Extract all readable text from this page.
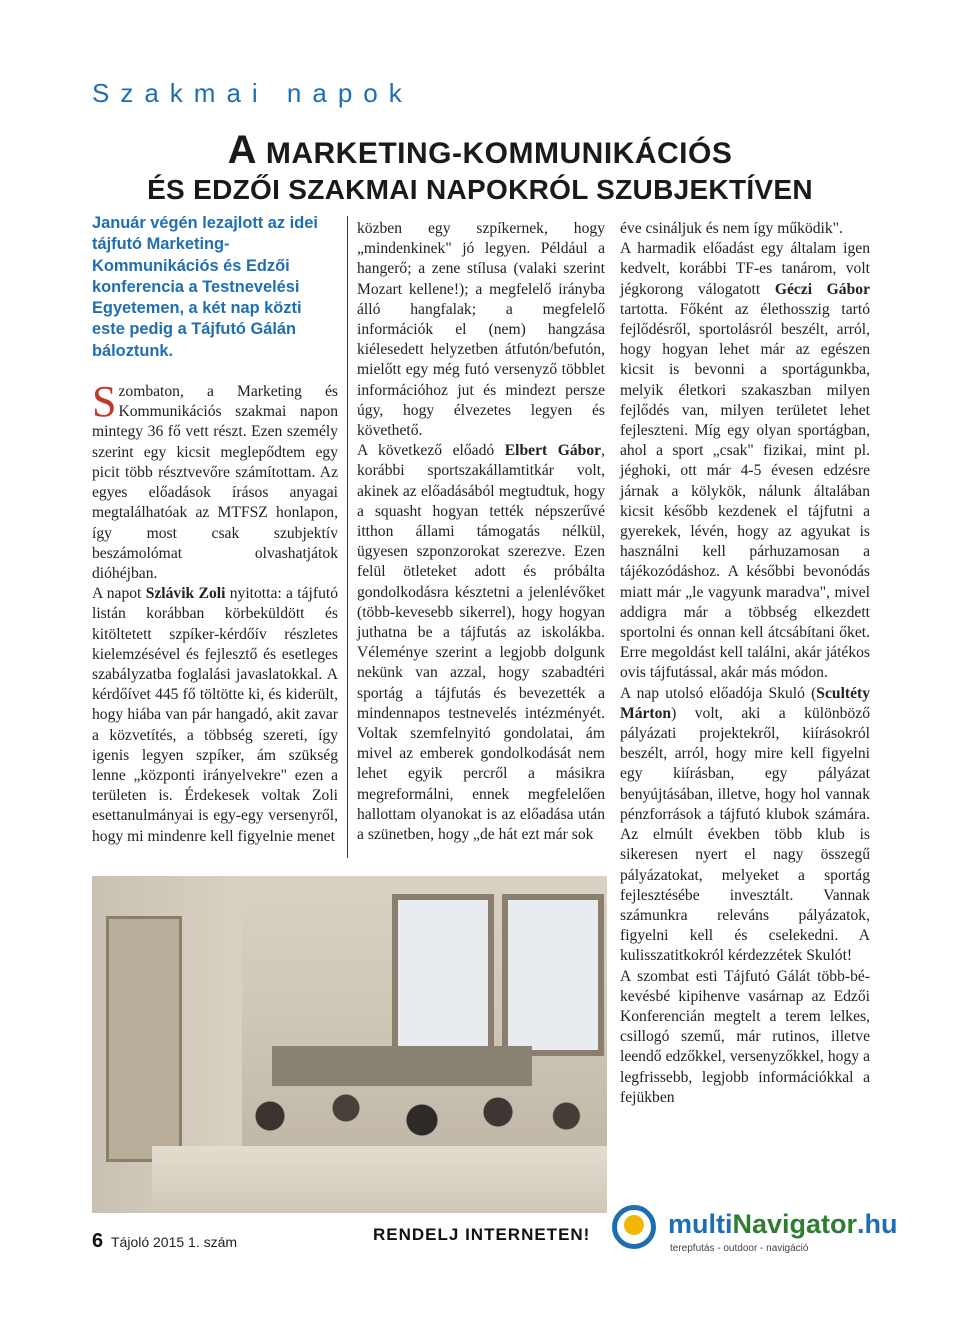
Szakmai napok
A MARKETING-KOMMUNIKÁCIÓS
ÉS EDZŐI SZAKMAI NAPOKRÓL SZUBJEKTÍVEN

Január végén lezajlott az idei tájfutó Marketing-Kommunikációs és Edzői konferencia a Testnevelési Egyetemen, a két nap közti este pedig a Tájfutó Gálán báloztunk.

Szombaton, a Marketing és Kommunikációs szakmai napon mintegy 36 fő vett részt. Ezen személy szerint egy kicsit meglepődtem egy picit több résztvevőre számítottam. Az egyes előadások írásos anyagai megtalálhatóak az MTFSZ honlapon, így most csak szubjektív beszámolómat olvashatjátok dióhéjban.

A napot Szlávik Zoli nyitotta: a tájfutó listán korábban körbeküldött és kitöltetett szpíker-kérdőív részletes kielemzésével és fejlesztő és esetleges szabályzatba foglalási javaslatokkal. A kérdőívet 445 fő töltötte ki, és kiderült, hogy hiába van pár hangadó, akit zavar a közvetítés, a többség szereti, így igenis legyen szpíker, ám szükség lenne „központi irányelvekre" ezen a területen is. Érdekesek voltak Zoli esettanulmányai is egy-egy versenyről, hogy mi mindenre kell figyelnie menet

közben egy szpíkernek, hogy „mindenkinek" jó legyen. Például a hangerő; a zene stílusa (valaki szerint Mozart kellene!); a megfelelő irányba álló hangfalak; a megfelelő információk el (nem) hangzása kiélesedett helyzetben átfutón/befutón, mielőtt egy még futó versenyző többlet információhoz jut és mindezt persze úgy, hogy élvezetes legyen és követhető.

A következő előadó Elbert Gábor, korábbi sportszakállamtitkár volt, akinek az előadásából megtudtuk, hogy a squasht hogyan tették népszerűvé itthon állami támogatás nélkül, ügyesen szponzorokat szerezve. Ezen felül ötleteket adott és próbálta gondolkodásra késztetni a jelenlévőket (több-kevesebb sikerrel), hogy hogyan juthatna be a tájfutás az iskolákba. Véleménye szerint a legjobb dolgunk nekünk van azzal, hogy szabadtéri sportág a tájfutás és bevezették a mindennapos testnevelés intézményét. Voltak szemfelnyitó gondolatai, ám mivel az emberek gondolkodását nem lehet egyik percről a másikra megreformálni, ennek megfelelően hallottam olyanokat is az előadása után a szünetben, hogy „de hát ezt már sok

éve csináljuk és nem így működik".

A harmadik előadást egy általam igen kedvelt, korábbi TF-es tanárom, volt jégkorong válogatott Géczi Gábor tartotta. Főként az élethosszig tartó fejlődésről, sportolásról beszélt, arról, hogy hogyan lehet már az egészen kicsit is bevonni a sportágunkba, melyik életkori szakaszban milyen fejlődés van, milyen területet lehet fejleszteni. Míg egy olyan sportágban, ahol a sport „csak" fizikai, mint pl. jéghoki, ott már 4-5 évesen edzésre járnak a kölykök, nálunk általában kicsit később kezdenek el tájfutni a gyerekek, lévén, hogy az agyukat is használni kell párhuzamosan a tájékozódáshoz. A későbbi bevonódás miatt már „le vagyunk maradva", mivel addigra már a többség elkezdett sportolni és onnan kell átcsábítani őket. Erre megoldást kell találni, akár játékos ovis tájfutással, akár más módon.

A nap utolsó előadója Skuló (Scultéty Márton) volt, aki a különböző pályázati projektekről, kiírásokról beszélt, arról, hogy mire kell figyelni egy kiírásban, egy pályázat benyújtásában, illetve, hogy hol vannak pénzforrások a tájfutó klubok számára. Az elmúlt években több klub is sikeresen nyert el nagy összegű pályázatokat, melyeket a sportág fejlesztésébe invesztált. Vannak számunkra releváns pályázatok, figyelni kell és cselekedni. A kulisszatitkokról kérdezzétek Skulót!

A szombat esti Tájfutó Gálát több-bé-kevésbé kipihenve vasárnap az Edzői Konferencián megtelt a terem lelkes, csillogó szemű, már rutinos, illetve leendő edzőkkel, versenyzőkkel, hogy a legfrissebb, legjobb információkkal a fejükben

6 Tájoló 2015 1. szám	RENDELJ INTERNETEN!	multiNavigator.hu
terepfutás - outdoor - navigáció
